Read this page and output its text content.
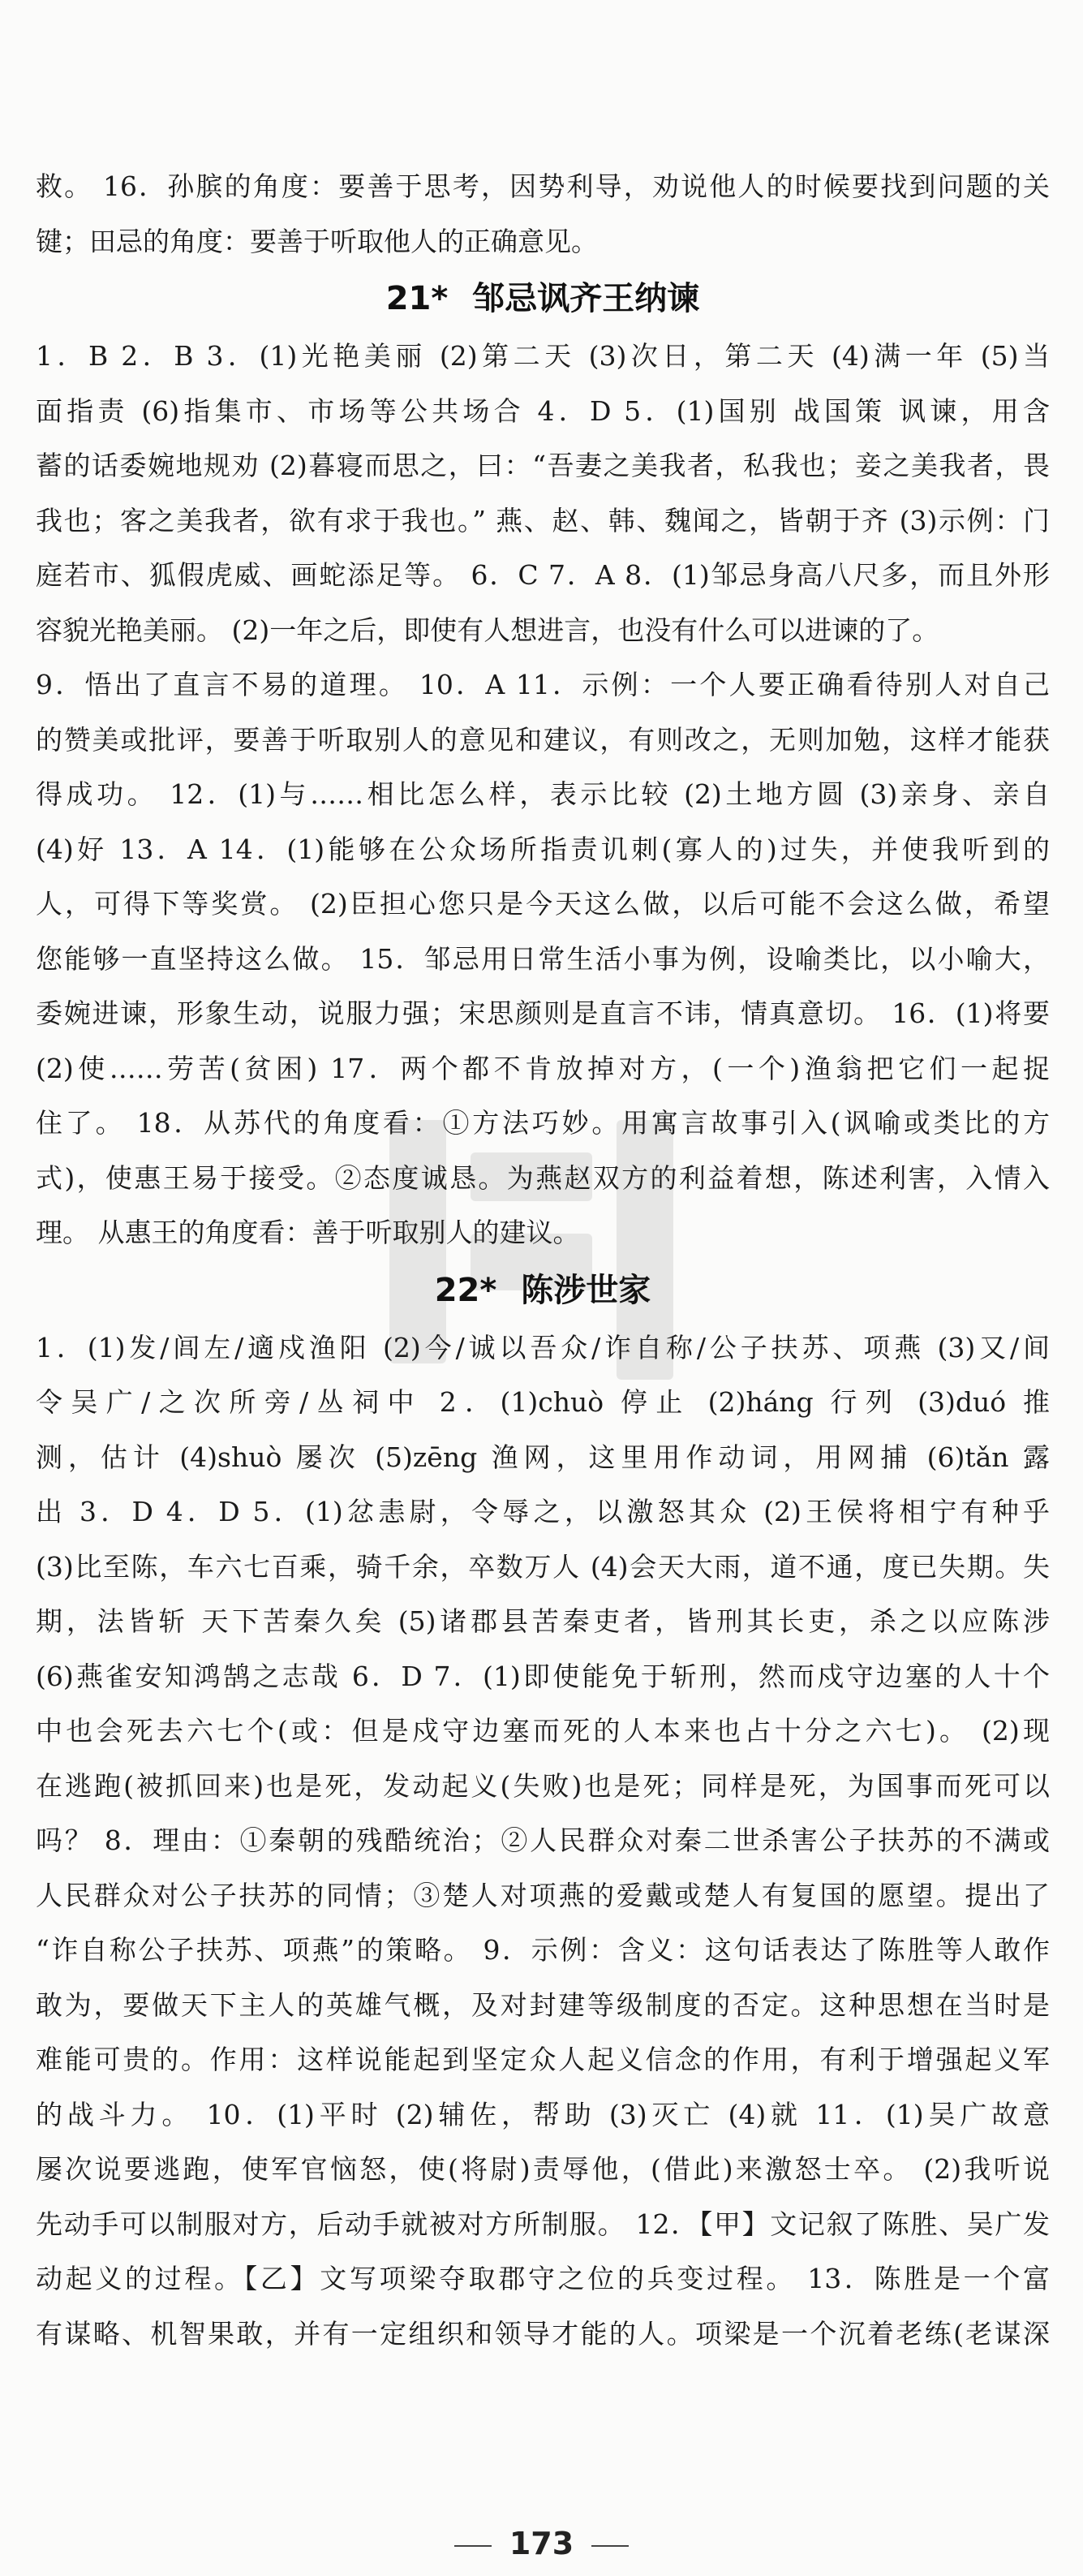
救。 16．孙膑的角度：要善于思考，因势利导，劝说他人的时候要找到问题的关

键；田忌的角度：要善于听取他人的正确意见。

21* 邹忌讽齐王纳谏

1．B 2．B 3．(1)光艳美丽 (2)第二天 (3)次日，第二天 (4)满一年 (5)当

面指责 (6)指集市、市场等公共场合 4．D 5．(1)国别 战国策 讽谏，用含

蓄的话委婉地规劝 (2)暮寝而思之，曰：“吾妻之美我者，私我也；妾之美我者，畏

我也；客之美我者，欲有求于我也。” 燕、赵、韩、魏闻之，皆朝于齐 (3)示例：门

庭若市、狐假虎威、画蛇添足等。 6．C 7．A 8．(1)邹忌身高八尺多，而且外形

容貌光艳美丽。 (2)一年之后，即使有人想进言，也没有什么可以进谏的了。

9．悟出了直言不易的道理。 10．A 11．示例：一个人要正确看待别人对自己

的赞美或批评，要善于听取别人的意见和建议，有则改之，无则加勉，这样才能获

得成功。 12．(1)与……相比怎么样，表示比较 (2)土地方圆 (3)亲身、亲自

(4)好 13．A 14．(1)能够在公众场所指责讥刺(寡人的)过失，并使我听到的

人，可得下等奖赏。 (2)臣担心您只是今天这么做，以后可能不会这么做，希望

您能够一直坚持这么做。 15．邹忌用日常生活小事为例，设喻类比，以小喻大，

委婉进谏，形象生动，说服力强；宋思颜则是直言不讳，情真意切。 16．(1)将要

(2)使……劳苦(贫困) 17．两个都不肯放掉对方，(一个)渔翁把它们一起捉

住了。 18．从苏代的角度看：①方法巧妙。用寓言故事引入(讽喻或类比的方

式)，使惠王易于接受。②态度诚恳。为燕赵双方的利益着想，陈述利害，入情入

理。 从惠王的角度看：善于听取别人的建议。

22* 陈涉世家

1．(1)发/闾左/適戍渔阳 (2)今/诚以吾众/诈自称/公子扶苏、项燕 (3)又/间

令吴广/之次所旁/丛祠中 2．(1)chuò 停止 (2)háng 行列 (3)duó 推

测，估计 (4)shuò 屡次 (5)zēng 渔网，这里用作动词，用网捕 (6)tǎn 露

出 3．D 4．D 5．(1)忿恚尉，令辱之，以激怒其众 (2)王侯将相宁有种乎

(3)比至陈，车六七百乘，骑千余，卒数万人 (4)会天大雨，道不通，度已失期。失

期，法皆斩 天下苦秦久矣 (5)诸郡县苦秦吏者，皆刑其长吏，杀之以应陈涉

(6)燕雀安知鸿鹄之志哉 6．D 7．(1)即使能免于斩刑，然而戍守边塞的人十个

中也会死去六七个(或：但是戍守边塞而死的人本来也占十分之六七)。 (2)现

在逃跑(被抓回来)也是死，发动起义(失败)也是死；同样是死，为国事而死可以

吗？ 8．理由：①秦朝的残酷统治；②人民群众对秦二世杀害公子扶苏的不满或

人民群众对公子扶苏的同情；③楚人对项燕的爱戴或楚人有复国的愿望。提出了

“诈自称公子扶苏、项燕”的策略。 9．示例：含义：这句话表达了陈胜等人敢作

敢为，要做天下主人的英雄气概，及对封建等级制度的否定。这种思想在当时是

难能可贵的。作用：这样说能起到坚定众人起义信念的作用，有利于增强起义军

的战斗力。 10．(1)平时 (2)辅佐，帮助 (3)灭亡 (4)就 11．(1)吴广故意

屡次说要逃跑，使军官恼怒，使(将尉)责辱他，(借此)来激怒士卒。 (2)我听说

先动手可以制服对方，后动手就被对方所制服。 12．【甲】文记叙了陈胜、吴广发

动起义的过程。【乙】文写项梁夺取郡守之位的兵变过程。 13．陈胜是一个富

有谋略、机智果敢，并有一定组织和领导才能的人。项梁是一个沉着老练(老谋深

173
